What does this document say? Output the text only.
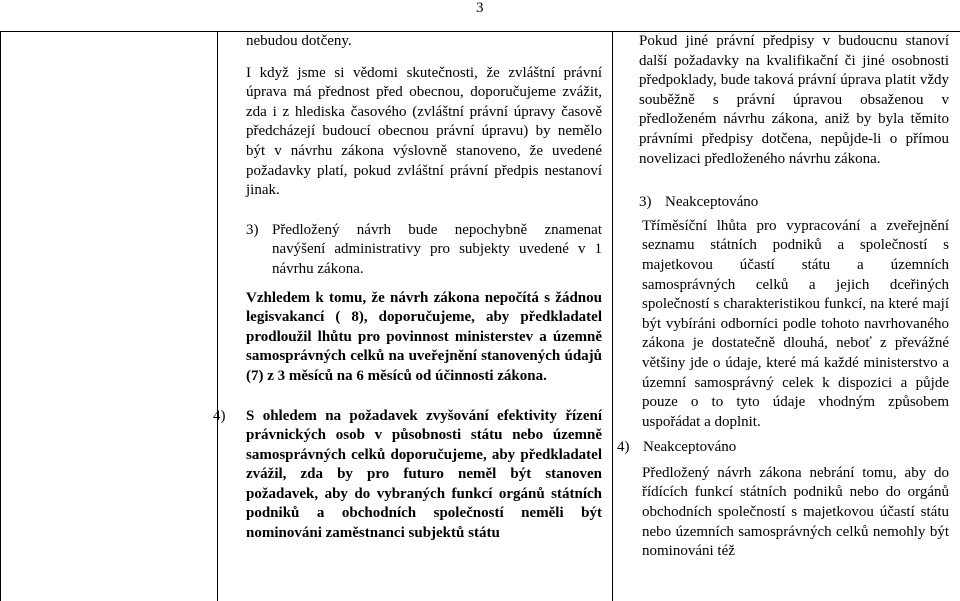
3

nebudou dotčeny.

I když jsme si vědomi skutečnosti, že zvláštní právní úprava má přednost před obecnou, doporučujeme zvážit, zda i z hlediska časového (zvláštní právní úpravy časově předcházejí budoucí obecnou právní úpravu) by nemělo být v návrhu zákona výslovně stanoveno, že uvedené požadavky platí, pokud zvláštní právní předpis nestanoví jinak.

3) Předložený návrh bude nepochybně znamenat navýšení administrativy pro subjekty uvedené v 1 návrhu zákona.

Vzhledem k tomu, že návrh zákona nepočítá s žádnou legisvakancí ( 8), doporučujeme, aby předkladatel prodloužil lhůtu pro povinnost ministerstev a územně samosprávných celků na uveřejnění stanovených údajů (7) z 3 měsíců na 6 měsíců od účinnosti zákona.

4)	S ohledem na požadavek zvyšování efektivity řízení právnických osob v působnosti státu nebo územně samosprávných celků doporučujeme, aby předkladatel zvážil, zda by pro futuro neměl být stanoven požadavek, aby do vybraných funkcí orgánů státních podniků a obchodních společností neměli být nominováni zaměstnanci subjektů státu

Pokud jiné právní předpisy v budoucnu stanoví další požadavky na kvalifikační či jiné osobnosti předpoklady, bude taková právní úprava platit vždy souběžně s právní úpravou obsaženou v předloženém návrhu zákona, aniž by byla těmito právními předpisy dotčena, nepůjde-li o přímou novelizaci předloženého návrhu zákona.

3) Neakceptováno

Tříměsíční lhůta pro vypracování a zveřejnění seznamu státních podniků a společností s majetkovou účastí státu a územních samosprávných celků a jejich dceřiných společností s charakteristikou funkcí, na které mají být vybíráni odborníci podle tohoto navrhovaného zákona je dostatečně dlouhá, neboť z převážné většiny jde o údaje, které má každé ministerstvo a územní samosprávný celek k dispozici a půjde pouze o to tyto údaje vhodným způsobem uspořádat a doplnit.

4) Neakceptováno

Předložený návrh zákona nebrání tomu, aby do řídících funkcí státních podniků nebo do orgánů obchodních společností s majetkovou účastí státu nebo územních samosprávných celků nemohly být nominováni též
